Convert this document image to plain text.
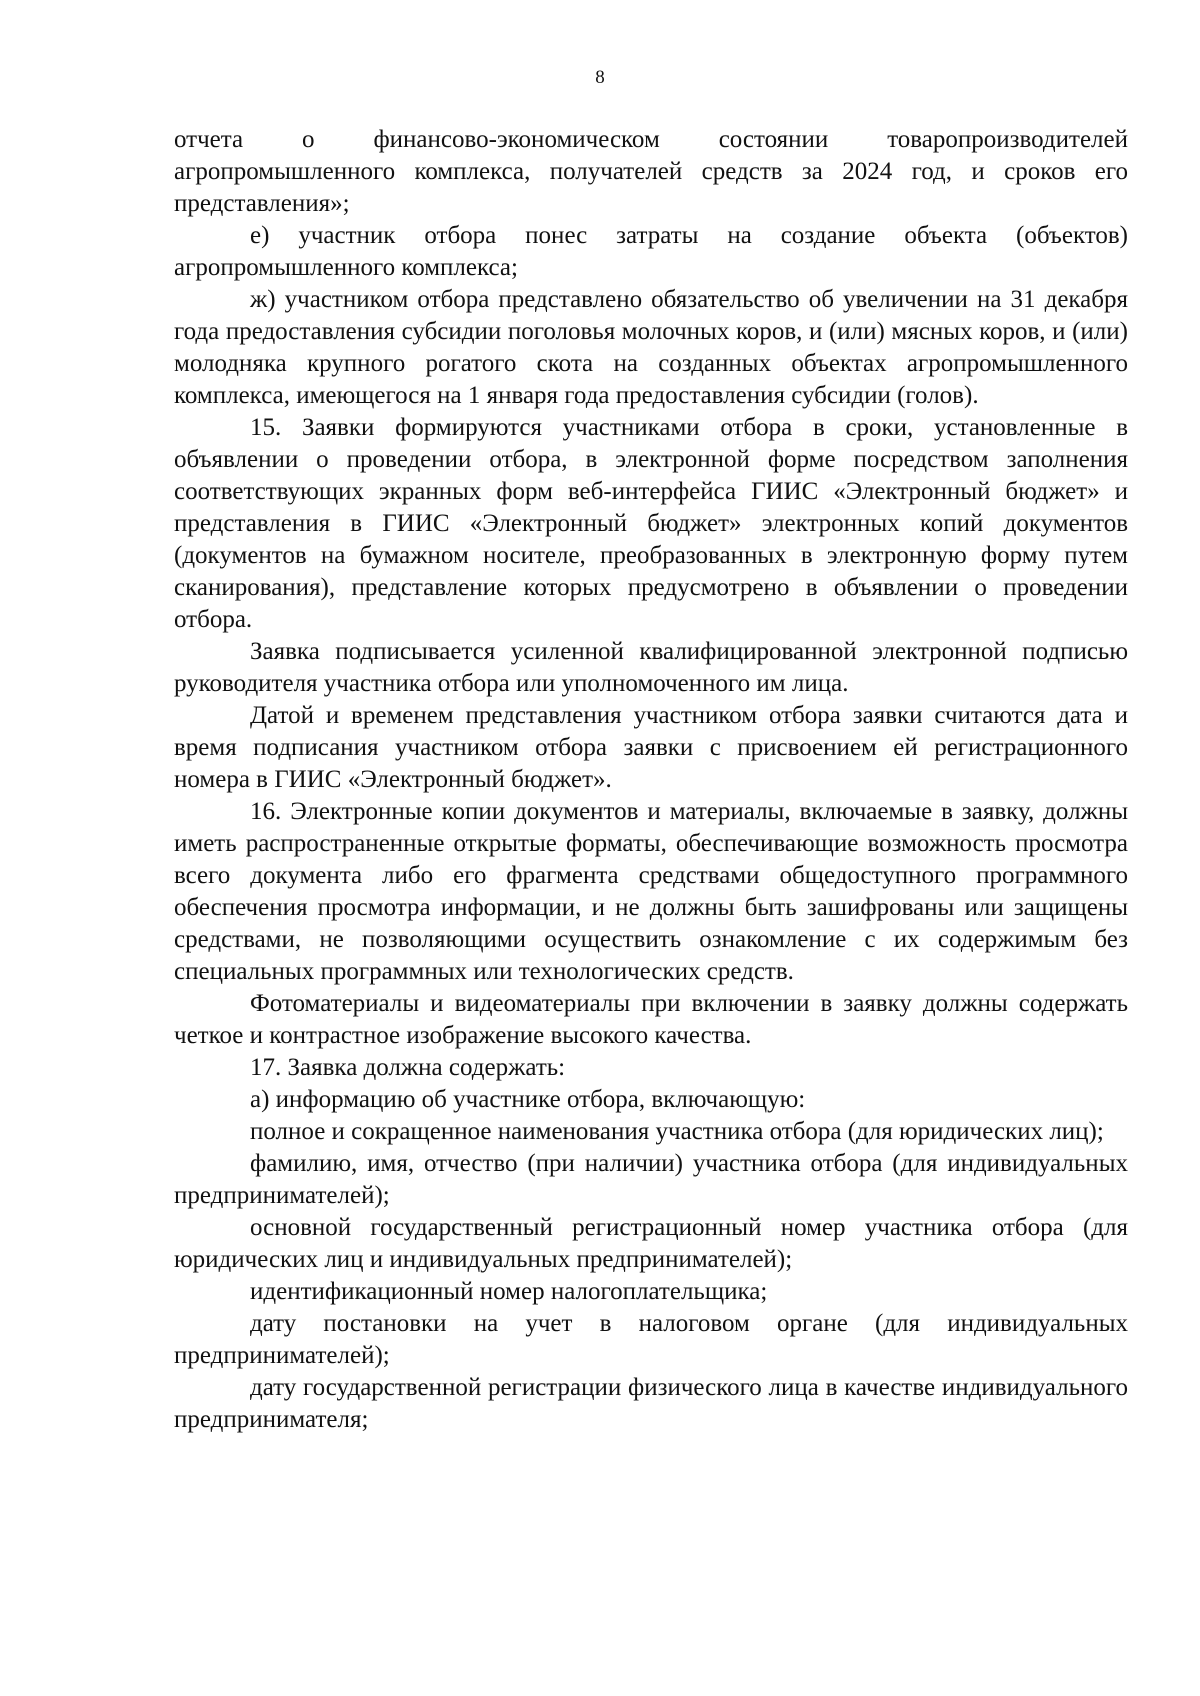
8

отчета о финансово-экономическом состоянии товаропроизводителей агропромышленного комплекса, получателей средств за 2024 год, и сроков его представления»;

е) участник отбора понес затраты на создание объекта (объектов) агропромышленного комплекса;

ж) участником отбора представлено обязательство об увеличении на 31 декабря года предоставления субсидии поголовья молочных коров, и (или) мясных коров, и (или) молодняка крупного рогатого скота на созданных объектах агропромышленного комплекса, имеющегося на 1 января года предоставления субсидии (голов).

15. Заявки формируются участниками отбора в сроки, установленные в объявлении о проведении отбора, в электронной форме посредством заполнения соответствующих экранных форм веб-интерфейса ГИИС «Электронный бюджет» и представления в ГИИС «Электронный бюджет» электронных копий документов (документов на бумажном носителе, преобразованных в электронную форму путем сканирования), представление которых предусмотрено в объявлении о проведении отбора.

Заявка подписывается усиленной квалифицированной электронной подписью руководителя участника отбора или уполномоченного им лица.

Датой и временем представления участником отбора заявки считаются дата и время подписания участником отбора заявки с присвоением ей регистрационного номера в ГИИС «Электронный бюджет».

16. Электронные копии документов и материалы, включаемые в заявку, должны иметь распространенные открытые форматы, обеспечивающие возможность просмотра всего документа либо его фрагмента средствами общедоступного программного обеспечения просмотра информации, и не должны быть зашифрованы или защищены средствами, не позволяющими осуществить ознакомление с их содержимым без специальных программных или технологических средств.

Фотоматериалы и видеоматериалы при включении в заявку должны содержать четкое и контрастное изображение высокого качества.

17. Заявка должна содержать:

а) информацию об участнике отбора, включающую:

полное и сокращенное наименования участника отбора (для юридических лиц);

фамилию, имя, отчество (при наличии) участника отбора (для индивидуальных предпринимателей);

основной государственный регистрационный номер участника отбора (для юридических лиц и индивидуальных предпринимателей);

идентификационный номер налогоплательщика;

дату постановки на учет в налоговом органе (для индивидуальных предпринимателей);

дату государственной регистрации физического лица в качестве индивидуального предпринимателя;
